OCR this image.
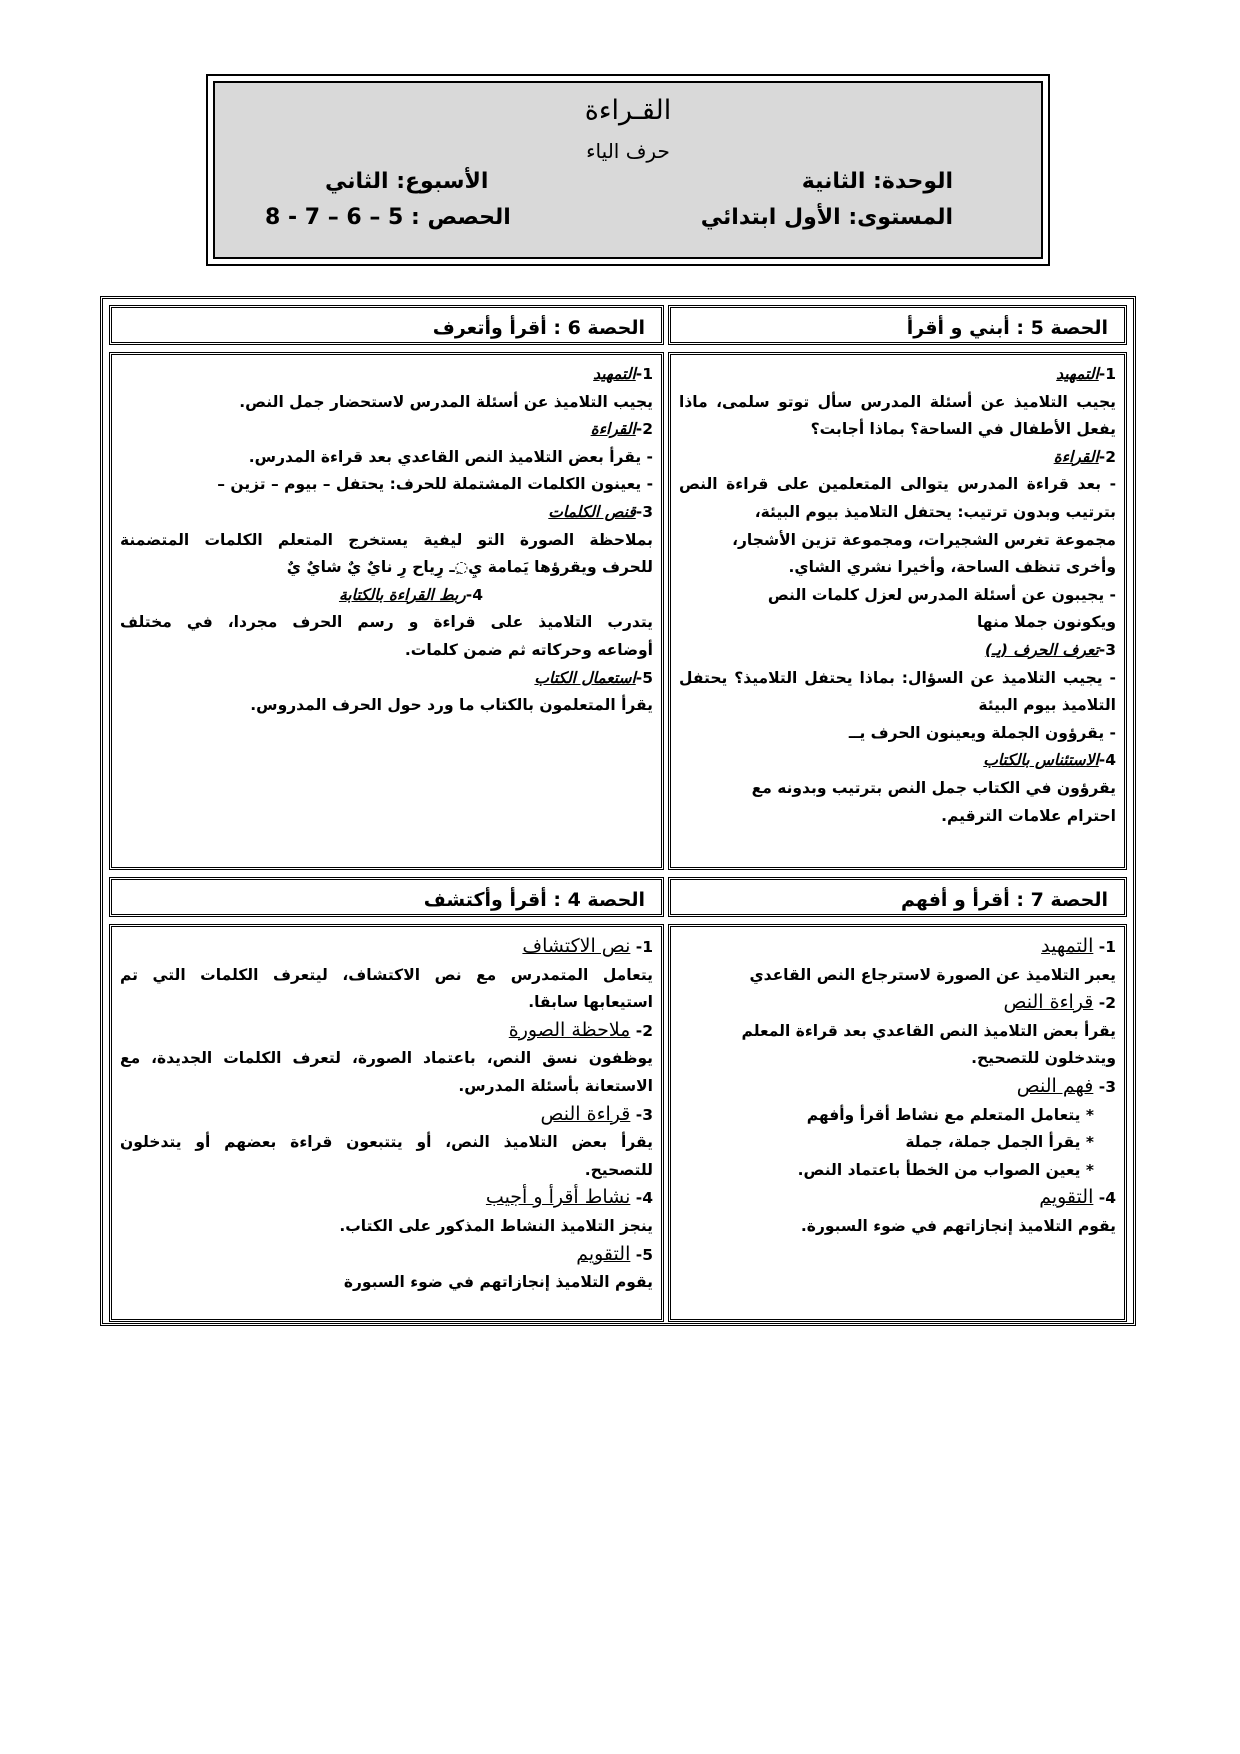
القـراءة
حرف الياء
الوحدة: الثانية
المستوى: الأول ابتدائي
الأسبوع: الثاني
الحصص : 5 – 6 – 7 - 8
الحصة 5 : أبني و أقرأ
الحصة 6 : أقرأ وأتعرف
1-التمهيد
يجيب التلاميذ عن أسئلة المدرس سأل توتو سلمى، ماذا
يفعل الأطفال في الساحة؟ بماذا أجابت؟
2-القراءة
- بعد قراءة المدرس يتوالى المتعلمين على قراءة النص
بترتيب وبدون ترتيب: يحتفل التلاميذ بيوم البيئة،
مجموعة تغرس الشجيرات، ومجموعة تزين الأشجار،
وأخرى تنظف الساحة، وأخيرا نشري الشاي.
- يجيبون عن أسئلة المدرس لعزل كلمات النص
ويكونون جملا منها
3-تعرف الحرف (يـ)
- يجيب التلاميذ عن السؤال: بماذا يحتفل التلاميذ؟ يحتفل
التلاميذ بيوم البيئة
- يقرؤون الجملة ويعينون الحرف يــ
4-الاستئناس بالكتاب
يقرؤون في الكتاب جمل النص بترتيب وبدونه مع
احترام علامات الترقيم.
1-التمهيد
يجيب التلاميذ عن أسئلة المدرس لاستحضار جمل النص.
2-القراءة
- يقرأ بعض التلاميذ النص القاعدي بعد قراءة المدرس.
- يعينون الكلمات المشتملة للحرف: يحتفل – بيوم – تزين –
3-قنص الكلمات
بملاحظة الصورة التو ليفية يستخرج المتعلم الكلمات المتضمنة
للحرف ويقرؤها يَمامة يِ◌ِـ رِياح رِ نايٌ يٌ شايٌ يٌ
4-ربط القراءة بالكتابة
يتدرب التلاميذ على قراءة و رسم الحرف مجردا، في مختلف
أوضاعه وحركاته ثم ضمن كلمات.
5-استعمال الكتاب
يقرأ المتعلمون بالكتاب ما ورد حول الحرف المدروس.
الحصة 7 : أقرأ و أفهم
الحصة 4 : أقرأ وأكتشف
1- التمهيد
يعبر التلاميذ عن الصورة لاسترجاع النص القاعدي
2- قراءة النص
يقرأ بعض التلاميذ النص القاعدي بعد قراءة المعلم
ويتدخلون للتصحيح.
3- فهم النص
* يتعامل المتعلم مع نشاط أقرأ وأفهم
* يقرأ الجمل جملة، جملة
* يعين الصواب من الخطأ باعتماد النص.
4- التقويم
يقوم التلاميذ إنجازاتهم في ضوء السبورة.
1- نص الاكتشاف
يتعامل المتمدرس مع نص الاكتشاف، ليتعرف الكلمات التي تم
استيعابها سابقا.
2- ملاحظة الصورة
يوظفون نسق النص، باعتماد الصورة، لتعرف الكلمات الجديدة، مع
الاستعانة بأسئلة المدرس.
3- قراءة النص
يقرأ بعض التلاميذ النص، أو يتتبعون قراءة بعضهم أو يتدخلون
للتصحيح.
4- نشاط أقرأ و أجيب
ينجز التلاميذ النشاط المذكور على الكتاب.
5- التقويم
يقوم التلاميذ إنجازاتهم في ضوء السبورة
